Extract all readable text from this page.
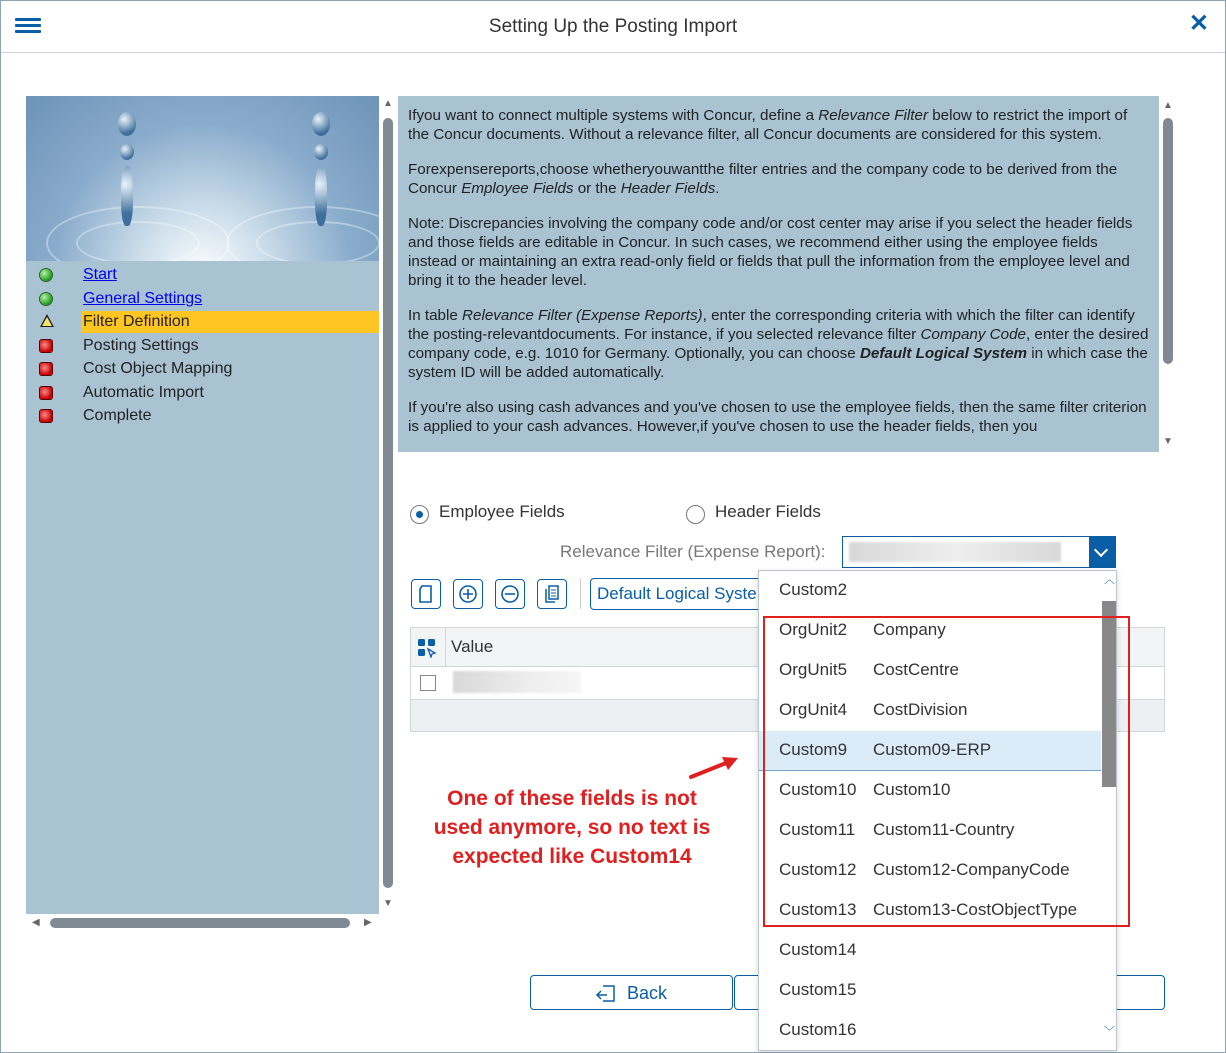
Setting Up the Posting Import	✕
Start
General Settings
Filter Definition
Posting Settings
Cost Object Mapping
Automatic Import
Complete
▲
▼
◀	▶

Ifyou want to connect multiple systems with Concur, define a Relevance Filter below to restrict the import of the Concur documents. Without a relevance filter, all Concur documents are considered for this system.

Forexpensereports,choose whetheryouwantthe filter entries and the company code to be derived from the Concur Employee Fields or the Header Fields.

Note: Discrepancies involving the company code and/or cost center may arise if you select the header fields and those fields are editable in Concur. In such cases, we recommend either using the employee fields instead or maintaining an extra read-only field or fields that pull the information from the employee level and bring it to the header level.

In table Relevance Filter (Expense Reports), enter the corresponding criteria with which the filter can identify the posting-relevantdocuments. For instance, if you selected relevance filter Company Code, enter the desired company code, e.g. 1010 for Germany. Optionally, you can choose Default Logical System in which case the system ID will be added automatically.

If you're also using cash advances and you've chosen to use the employee fields, then the same filter criterion is applied to your cash advances. However,if you've chosen to use the header fields, then you

▲
▼
Employee Fields	Header Fields
Relevance Filter (Expense Report):
Default Logical Syste
Value
One of these fields is not
used anymore, so no text is
expected like Custom14
Back
Custom2
OrgUnit2 Company
OrgUnit5 CostCentre
OrgUnit4 CostDivision
Custom9 Custom09-ERP
Custom10 Custom10
Custom11 Custom11-Country
Custom12 Custom12-CompanyCode
Custom13 Custom13-CostObjectType
Custom14
Custom15
Custom16
︿
﹀
